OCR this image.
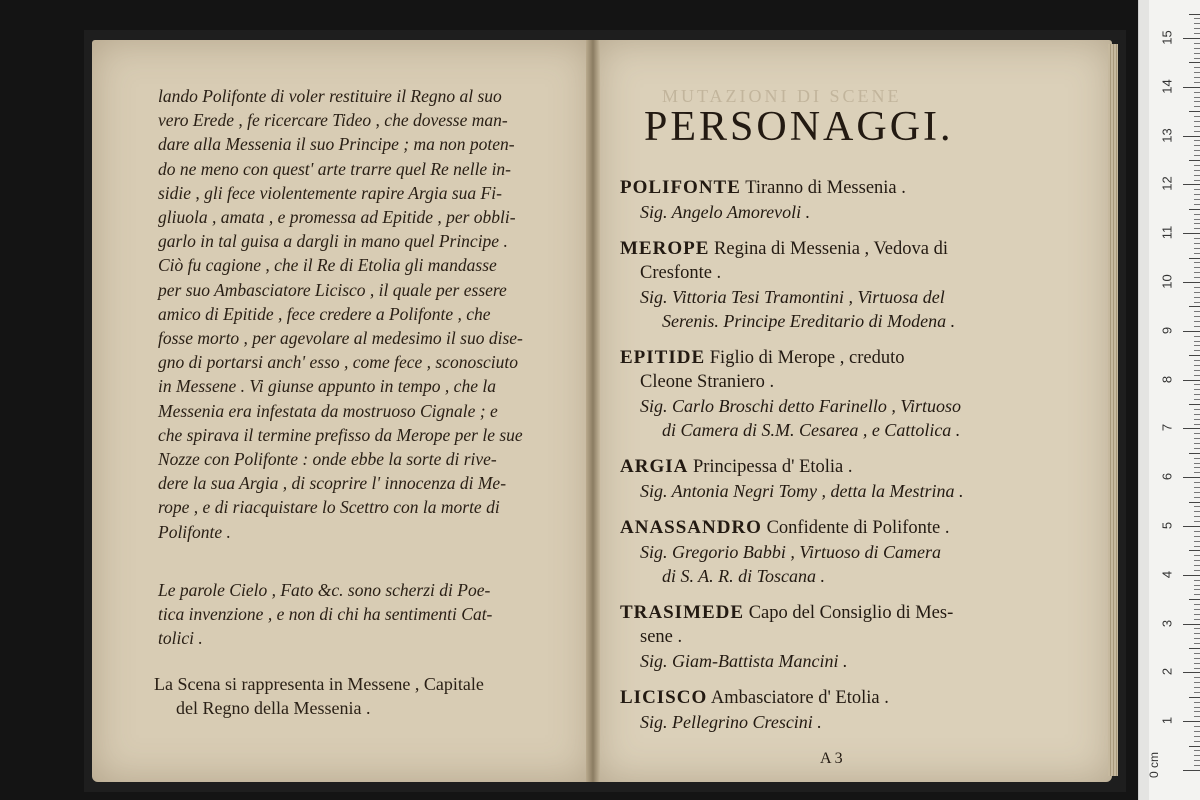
lando Polifonte di voler restituire il Regno al suo
vero Erede , fe ricercare Tideo , che dovesse man-
dare alla Messenia il suo Principe ; ma non poten-
do ne meno con quest' arte trarre quel Re nelle in-
sidie , gli fece violentemente rapire Argia sua Fi-
gliuola , amata , e promessa ad Epitide , per obbli-
garlo in tal guisa a dargli in mano quel Principe .
Ciò fu cagione , che il Re di Etolia gli mandasse
per suo Ambasciatore Licisco , il quale per essere
amico di Epitide , fece credere a Polifonte , che
fosse morto , per agevolare al medesimo il suo dise-
gno di portarsi anch' esso , come fece , sconosciuto
in Messene . Vi giunse appunto in tempo , che la
Messenia era infestata da mostruoso Cignale ; e
che spirava il termine prefisso da Merope per le sue
Nozze con Polifonte : onde ebbe la sorte di rive-
dere la sua Argia , di scoprire l' innocenza di Me-
rope , e di riacquistare lo Scettro con la morte di
Polifonte .
Le parole Cielo , Fato &c. sono scherzi di Poe-
tica invenzione , e non di chi ha sentimenti Cat-
tolici .
La Scena si rappresenta in Messene , Capitale
del Regno della Messenia .
MUTAZIONI DI SCENE
PERSONAGGI.
POLIFONTE Tiranno di Messenia .
Sig. Angelo Amorevoli .
MEROPE Regina di Messenia , Vedova di
Cresfonte .
Sig. Vittoria Tesi Tramontini , Virtuosa del
Serenis. Principe Ereditario di Modena .
EPITIDE Figlio di Merope , creduto
Cleone Straniero .
Sig. Carlo Broschi detto Farinello , Virtuoso
di Camera di S.M. Cesarea , e Cattolica .
ARGIA Principessa d' Etolia .
Sig. Antonia Negri Tomy , detta la Mestrina .
ANASSANDRO Confidente di Polifonte .
Sig. Gregorio Babbi , Virtuoso di Camera
di S. A. R. di Toscana .
TRASIMEDE Capo del Consiglio di Mes-
sene .
Sig. Giam-Battista Mancini .
LICISCO Ambasciatore d' Etolia .
Sig. Pellegrino Crescini .
A 3	0 cm
1
2
3
4
5
6
7
8
9
10
11
12
13
14
15
